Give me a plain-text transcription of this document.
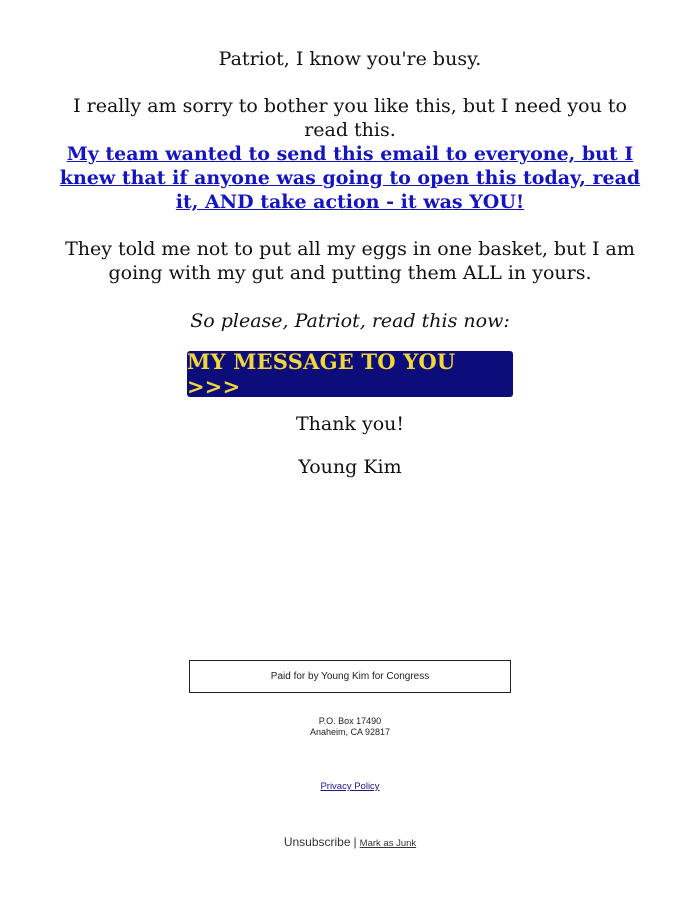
Patriot, I know you're busy.
I really am sorry to bother you like this, but I need you to read this.
My team wanted to send this email to everyone, but I knew that if anyone was going to open this today, read it, AND take action - it was YOU!
They told me not to put all my eggs in one basket, but I am going with my gut and putting them ALL in yours.
So please, Patriot, read this now:
MY MESSAGE TO YOU >>>
Thank you!
Young Kim
Paid for by Young Kim for Congress
P.O. Box 17490
Anaheim, CA 92817
Privacy Policy
Unsubscribe | Mark as Junk
